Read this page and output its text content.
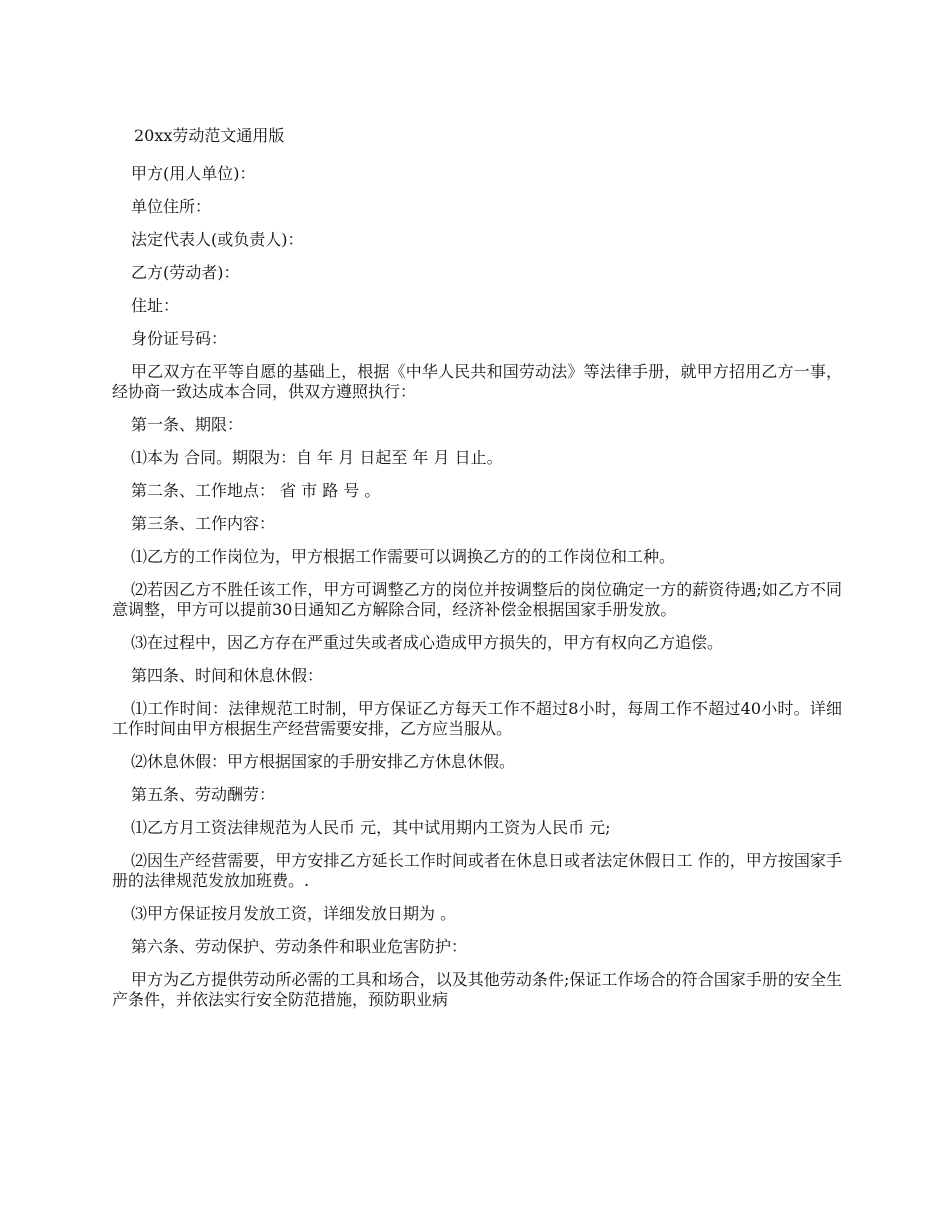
20xx劳动范文通用版

甲方(用人单位)：

单位住所：

法定代表人(或负责人)：

乙方(劳动者)：

住址：

身份证号码：

甲乙双方在平等自愿的基础上，根据《中华人民共和国劳动法》等法律手册，就甲方招用乙方一事，经协商一致达成本合同，供双方遵照执行：

第一条、期限：

⑴本为 合同。期限为：自 年 月 日起至 年 月 日止。

第二条、工作地点： 省 市 路 号 。

第三条、工作内容：

⑴乙方的工作岗位为，甲方根据工作需要可以调换乙方的的工作岗位和工种。

⑵若因乙方不胜任该工作，甲方可调整乙方的岗位并按调整后的岗位确定一方的薪资待遇;如乙方不同意调整，甲方可以提前30日通知乙方解除合同，经济补偿金根据国家手册发放。

⑶在过程中，因乙方存在严重过失或者成心造成甲方损失的，甲方有权向乙方追偿。

第四条、时间和休息休假：

⑴工作时间：法律规范工时制，甲方保证乙方每天工作不超过8小时，每周工作不超过40小时。详细工作时间由甲方根据生产经营需要安排，乙方应当服从。

⑵休息休假：甲方根据国家的手册安排乙方休息休假。

第五条、劳动酬劳：

⑴乙方月工资法律规范为人民币 元，其中试用期内工资为人民币 元;

⑵因生产经营需要，甲方安排乙方延长工作时间或者在休息日或者法定休假日工 作的，甲方按国家手册的法律规范发放加班费。.

⑶甲方保证按月发放工资，详细发放日期为 。

第六条、劳动保护、劳动条件和职业危害防护：

甲方为乙方提供劳动所必需的工具和场合，以及其他劳动条件;保证工作场合的符合国家手册的安全生产条件，并依法实行安全防范措施，预防职业病
